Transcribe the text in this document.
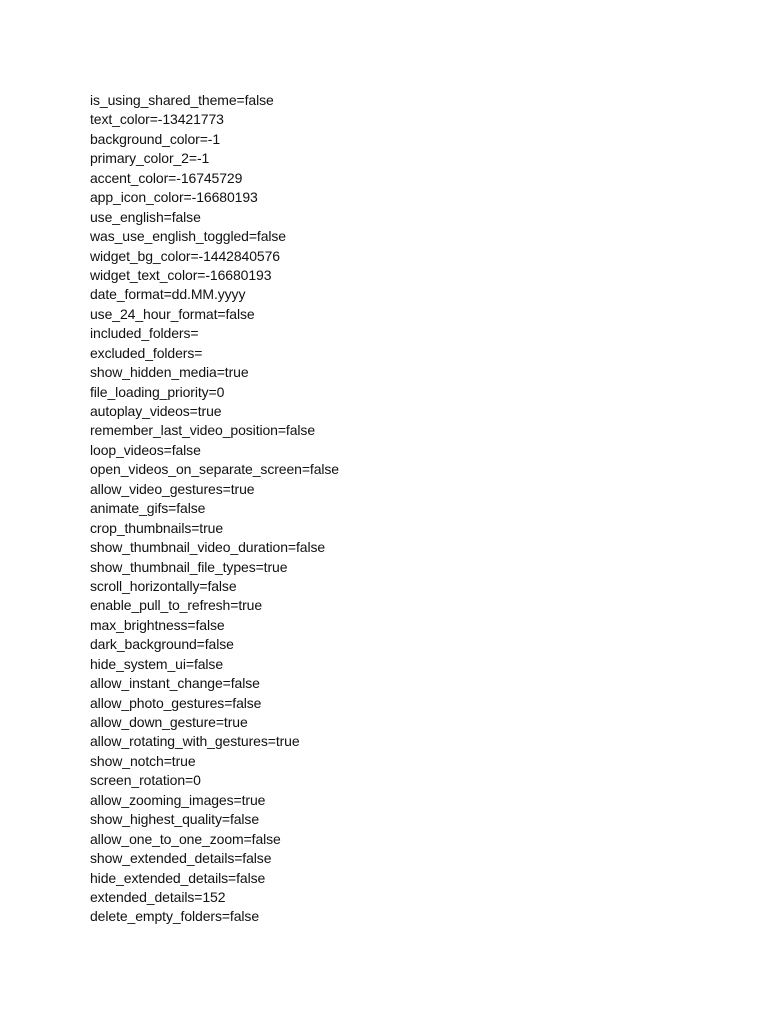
is_using_shared_theme=false
text_color=-13421773
background_color=-1
primary_color_2=-1
accent_color=-16745729
app_icon_color=-16680193
use_english=false
was_use_english_toggled=false
widget_bg_color=-1442840576
widget_text_color=-16680193
date_format=dd.MM.yyyy
use_24_hour_format=false
included_folders=
excluded_folders=
show_hidden_media=true
file_loading_priority=0
autoplay_videos=true
remember_last_video_position=false
loop_videos=false
open_videos_on_separate_screen=false
allow_video_gestures=true
animate_gifs=false
crop_thumbnails=true
show_thumbnail_video_duration=false
show_thumbnail_file_types=true
scroll_horizontally=false
enable_pull_to_refresh=true
max_brightness=false
dark_background=false
hide_system_ui=false
allow_instant_change=false
allow_photo_gestures=false
allow_down_gesture=true
allow_rotating_with_gestures=true
show_notch=true
screen_rotation=0
allow_zooming_images=true
show_highest_quality=false
allow_one_to_one_zoom=false
show_extended_details=false
hide_extended_details=false
extended_details=152
delete_empty_folders=false
